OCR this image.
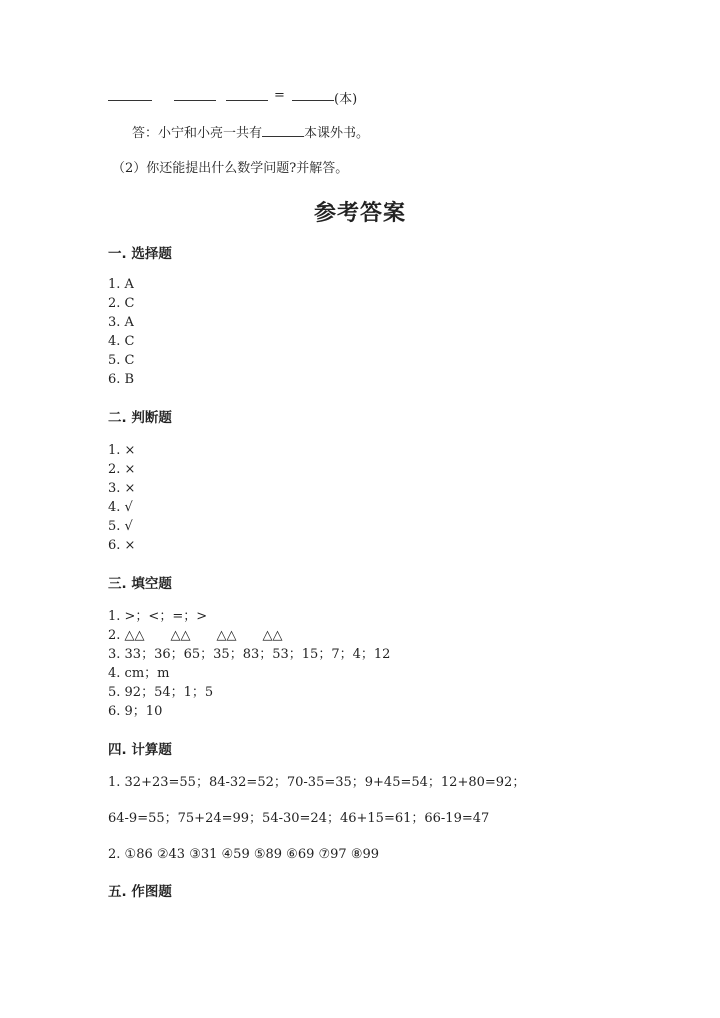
=	(本)
答：小宁和小亮一共有	本课外书。
（2）你还能提出什么数学问题?并解答。
参考答案
一. 选择题
1. A
2. C
3. A
4. C
5. C
6. B
二. 判断题
1. ×
2. ×
3. ×
4. √
5. √
6. ×
三. 填空题
1. >；<；=；>
2. △△　　△△　　△△　　△△
3. 33；36；65；35；83；53；15；7；4；12
4. cm；m
5. 92；54；1；5
6. 9；10
四. 计算题
1. 32+23=55；84-32=52；70-35=35；9+45=54；12+80=92；
64-9=55；75+24=99；54-30=24；46+15=61；66-19=47
2. ①86 ②43 ③31 ④59 ⑤89 ⑥69 ⑦97 ⑧99
五. 作图题
